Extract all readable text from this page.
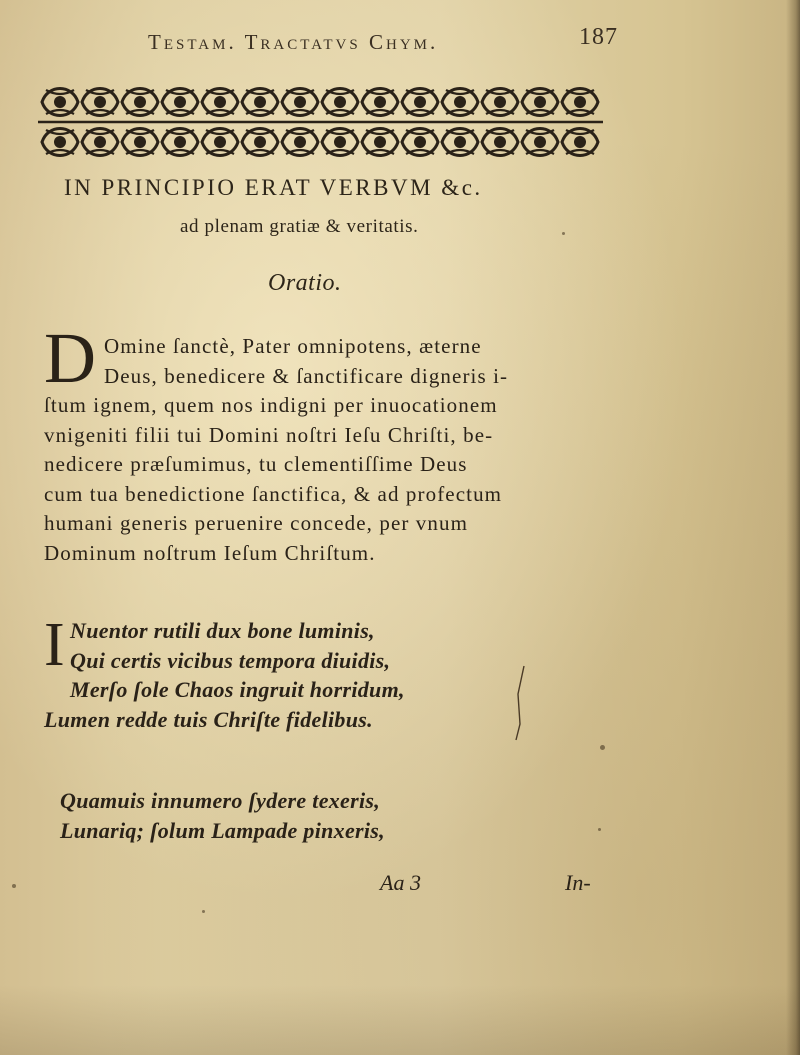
Testam. Tractatvs Chym.	187
IN PRINCIPIO ERAT VERBVM &c.
ad plenam gratiæ & veritatis.
Oratio.
D Omine ſanctè, Pater omnipotens, æterne
Deus, benedicere & ſanctificare digneris i-
ſtum ignem, quem nos indigni per inuocationem
vnigeniti filii tui Domini noſtri Ieſu Chriſti, be-
nedicere præſumimus, tu clementiſſime Deus
cum tua benedictione ſanctifica, & ad profectum
humani generis peruenire concede, per vnum
Dominum noſtrum Ieſum Chriſtum.
I Nuentor rutili dux bone luminis,
Qui certis vicibus tempora diuidis,
Merſo ſole Chaos ingruit horridum,
Lumen redde tuis Chriſte fidelibus.
Quamuis innumero ſydere texeris,
Lunariq; ſolum Lampade pinxeris,
Aa 3	In-
